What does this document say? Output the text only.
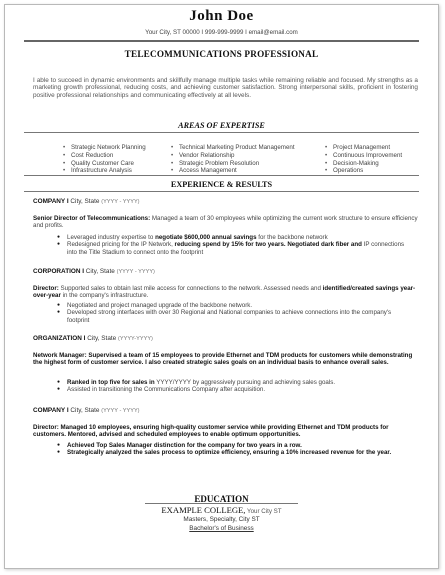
John Doe
Your City, ST 00000 I 999-999-9999 I email@email.com
TELECOMMUNICATIONS PROFESSIONAL
I able to succeed in dynamic environments and skillfully manage multiple tasks while remaining reliable and focused. My strengths as a marketing growth professional, reducing costs, and achieving customer satisfaction. Strong interpersonal skills, proficient in fostering positive professional relationships and communicating effectively at all levels.
AREAS OF EXPERTISE
• Strategic Network Planning
• Cost Reduction
• Quality Customer Care
• Infrastructure Analysis
• Technical Marketing Product Management
• Vendor Relationship
• Strategic Problem Resolution
• Access Management
• Project Management
• Continuous Improvement
• Decision-Making
• Operations
EXPERIENCE & RESULTS
COMPANY I City, State (YYYY - YYYY)
Senior Director of Telecommunications: Managed a team of 30 employees while optimizing the current work structure to ensure efficiency and profits.
● Leveraged industry expertise to negotiate $600,000 annual savings for the backbone network
● Redesigned pricing for the IP Network, reducing spend by 15% for two years. Negotiated dark fiber and IP connections into the Title Stadium to connect onto the footprint
CORPORATION I City, State (YYYY - YYYY)
Director: Supported sales to obtain last mile access for connections to the network. Assessed needs and identified/created savings year-over-year in the company's infrastructure.
● Negotiated and project managed upgrade of the backbone network.
● Developed strong interfaces with over 30 Regional and National companies to achieve connections into the company's footprint
ORGANIZATION I City, State (YYYY-YYYY)
Network Manager: Supervised a team of 15 employees to provide Ethernet and TDM products for customers while demonstrating the highest form of customer service. I also created strategic sales goals on an individual basis to enhance overall sales.
● Ranked in top five for sales in YYYY/YYYY by aggressively pursuing and achieving sales goals.
● Assisted in transitioning the Communications Company after acquisition.
COMPANY I City, State (YYYY - YYYY)
Director: Managed 10 employees, ensuring high-quality customer service while providing Ethernet and TDM products for customers. Mentored, advised and scheduled employees to enable optimum opportunities.
● Achieved Top Sales Manager distinction for the company for two years in a row.
● Strategically analyzed the sales process to optimize efficiency, ensuring a 10% increased revenue for the year.
EDUCATION
EXAMPLE COLLEGE, Your City ST
Masters, Specialty, City ST
Bachelor's of Business
